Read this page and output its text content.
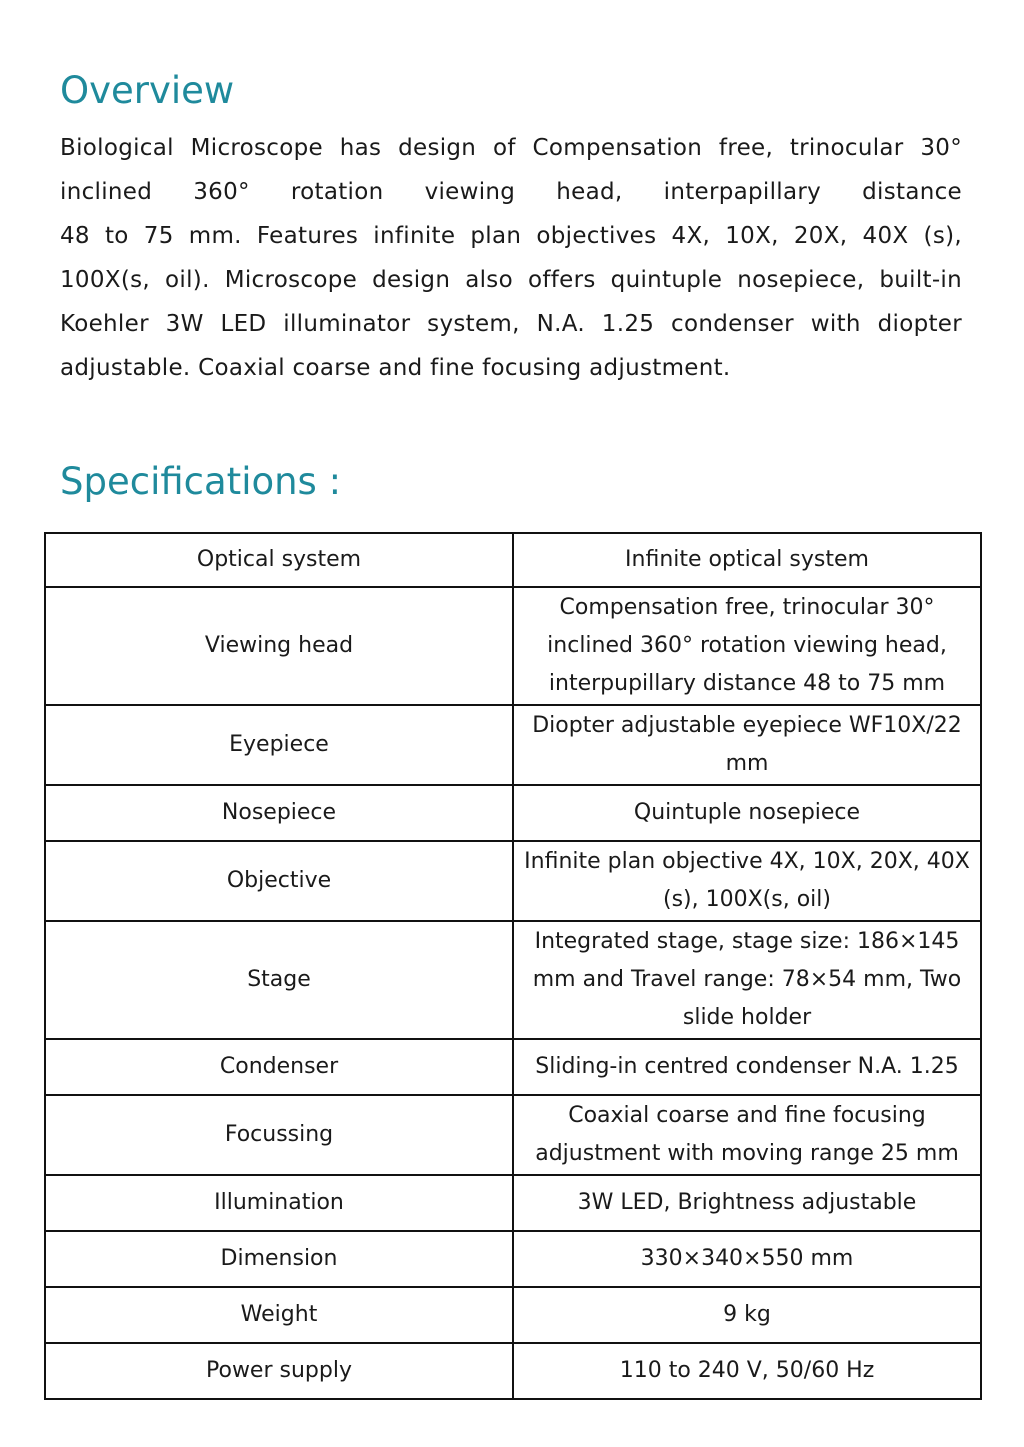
Overview

Biological Microscope has design of Compensation free, trinocular 30° inclined 360° rotation viewing head, interpapillary distance

48 to 75 mm. Features infinite plan objectives 4X, 10X, 20X, 40X (s), 100X(s, oil). Microscope design also offers quintuple nosepiece, built-in Koehler 3W LED illuminator system, N.A. 1.25 condenser with diopter adjustable. Coaxial coarse and fine focusing adjustment.

Specifications :
Optical system	Infinite optical system
Viewing head	Compensation free, trinocular 30° inclined 360° rotation viewing head, interpupillary distance 48 to 75 mm
Eyepiece	Diopter adjustable eyepiece WF10X/22 mm
Nosepiece	Quintuple nosepiece
Objective	Infinite plan objective 4X, 10X, 20X, 40X (s), 100X(s, oil)
Stage	Integrated stage, stage size: 186×145 mm and Travel range: 78×54 mm, Two slide holder
Condenser	Sliding-in centred condenser N.A. 1.25
Focussing	Coaxial coarse and fine focusing adjustment with moving range 25 mm
Illumination	3W LED, Brightness adjustable
Dimension	330×340×550 mm
Weight	9 kg
Power supply	110 to 240 V, 50/60 Hz
